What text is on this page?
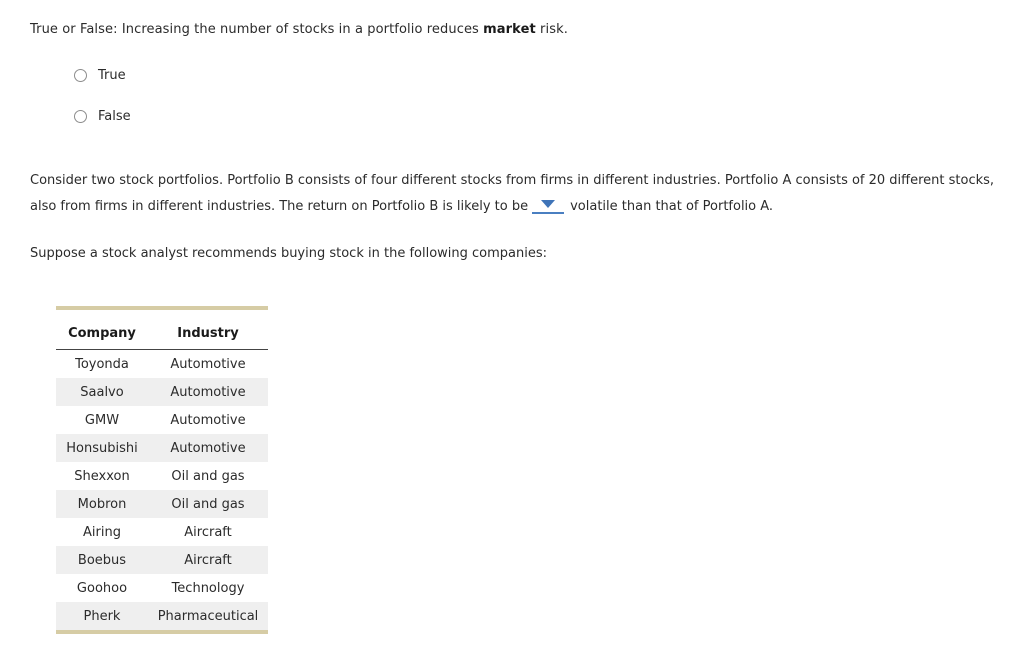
True or False: Increasing the number of stocks in a portfolio reduces market risk.
True
False
Consider two stock portfolios. Portfolio B consists of four different stocks from firms in different industries. Portfolio A consists of 20 different stocks,
also from firms in different industries. The return on Portfolio B is likely to be	volatile than that of Portfolio A.
Suppose a stock analyst recommends buying stock in the following companies:
Company	Industry
Toyonda	Automotive
Saalvo	Automotive
GMW	Automotive
Honsubishi	Automotive
Shexxon	Oil and gas
Mobron	Oil and gas
Airing	Aircraft
Boebus	Aircraft
Goohoo	Technology
Pherk	Pharmaceutical
